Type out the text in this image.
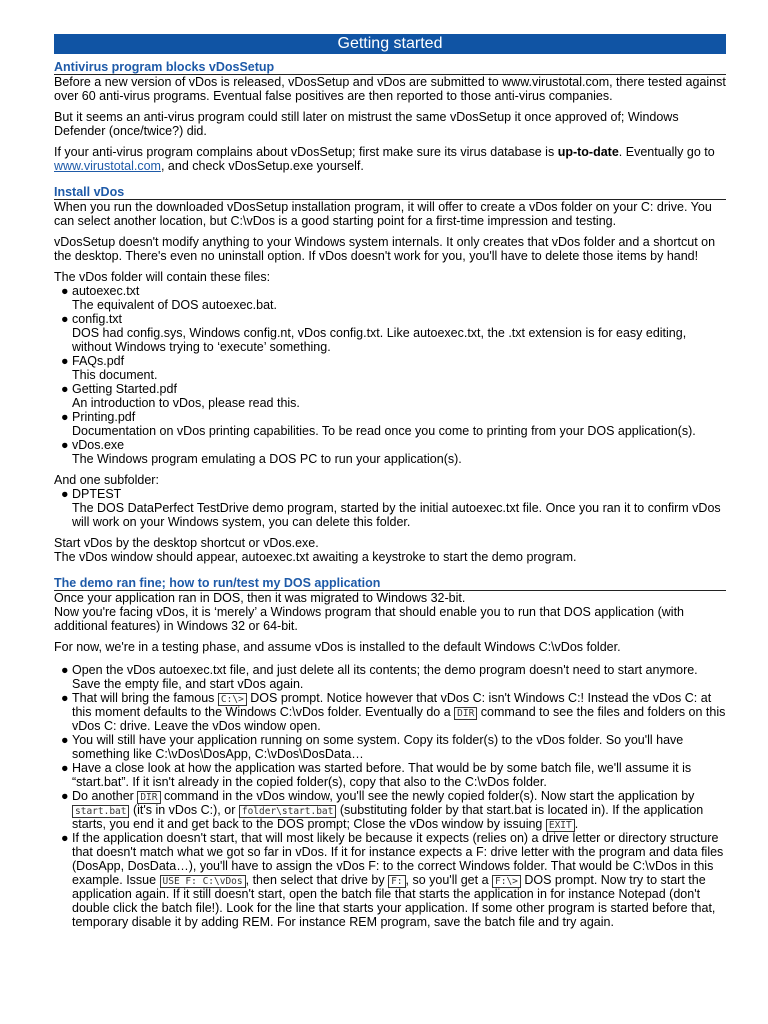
Getting started
Antivirus program blocks vDosSetup

Before a new version of vDos is released, vDosSetup and vDos are submitted to www.virustotal.com, there tested against over 60 anti-virus programs. Eventual false positives are then reported to those anti-virus companies.

But it seems an anti-virus program could still later on mistrust the same vDosSetup it once approved of; Windows Defender (once/twice?) did.

If your anti-virus program complains about vDosSetup; first make sure its virus database is up-to-date. Eventually go to www.virustotal.com, and check vDosSetup.exe yourself.

Install vDos

When you run the downloaded vDosSetup installation program, it will offer to create a vDos folder on your C: drive. You can select another location, but C:\vDos is a good starting point for a first-time impression and testing.

vDosSetup doesn't modify anything to your Windows system internals. It only creates that vDos folder and a shortcut on the desktop. There's even no uninstall option. If vDos doesn't work for you, you'll have to delete those items by hand!

The vDos folder will contain these files:
● autoexec.txt
The equivalent of DOS autoexec.bat.
● config.txt
DOS had config.sys, Windows config.nt, vDos config.txt. Like autoexec.txt, the .txt extension is for easy editing, without Windows trying to ‘execute’ something.
● FAQs.pdf
This document.
● Getting Started.pdf
An introduction to vDos, please read this.
● Printing.pdf
Documentation on vDos printing capabilities. To be read once you come to printing from your DOS application(s).
● vDos.exe
The Windows program emulating a DOS PC to run your application(s).
And one subfolder:
● DPTEST
The DOS DataPerfect TestDrive demo program, started by the initial autoexec.txt file. Once you ran it to confirm vDos will work on your Windows system, you can delete this folder.
Start vDos by the desktop shortcut or vDos.exe.

The vDos window should appear, autoexec.txt awaiting a keystroke to start the demo program.

The demo ran fine; how to run/test my DOS application
Once your application ran in DOS, then it was migrated to Windows 32-bit.

Now you're facing vDos, it is ‘merely’ a Windows program that should enable you to run that DOS application (with additional features) in Windows 32 or 64-bit.

For now, we're in a testing phase, and assume vDos is installed to the default Windows C:\vDos folder.

● Open the vDos autoexec.txt file, and just delete all its contents; the demo program doesn't need to start anymore. Save the empty file, and start vDos again.
● That will bring the famous C:\> DOS prompt. Notice however that vDos C: isn't Windows C:! Instead the vDos C: at this moment defaults to the Windows C:\vDos folder. Eventually do a DIR command to see the files and folders on this vDos C: drive. Leave the vDos window open.
● You will still have your application running on some system. Copy its folder(s) to the vDos folder. So you'll have something like C:\vDos\DosApp, C:\vDos\DosData…
● Have a close look at how the application was started before. That would be by some batch file, we'll assume it is “start.bat”. If it isn't already in the copied folder(s), copy that also to the C:\vDos folder.
● Do another DIR command in the vDos window, you'll see the newly copied folder(s). Now start the application by start.bat (it's in vDos C:), or folder\start.bat (substituting folder by that start.bat is located in). If the application starts, you end it and get back to the DOS prompt; Close the vDos window by issuing EXIT .
● If the application doesn't start, that will most likely be because it expects (relies on) a drive letter or directory structure that doesn't match what we got so far in vDos. If it for instance expects a F: drive letter with the program and data files (DosApp, DosData…), you'll have to assign the vDos F: to the correct Windows folder. That would be C:\vDos in this example. Issue USE F: C:\vDos , then select that drive by F: , so you'll get a F:\> DOS prompt. Now try to start the application again. If it still doesn't start, open the batch file that starts the application in for instance Notepad (don't double click the batch file!). Look for the line that starts your application. If some other program is started before that, temporary disable it by adding REM. For instance REM program, save the batch file and try again.
